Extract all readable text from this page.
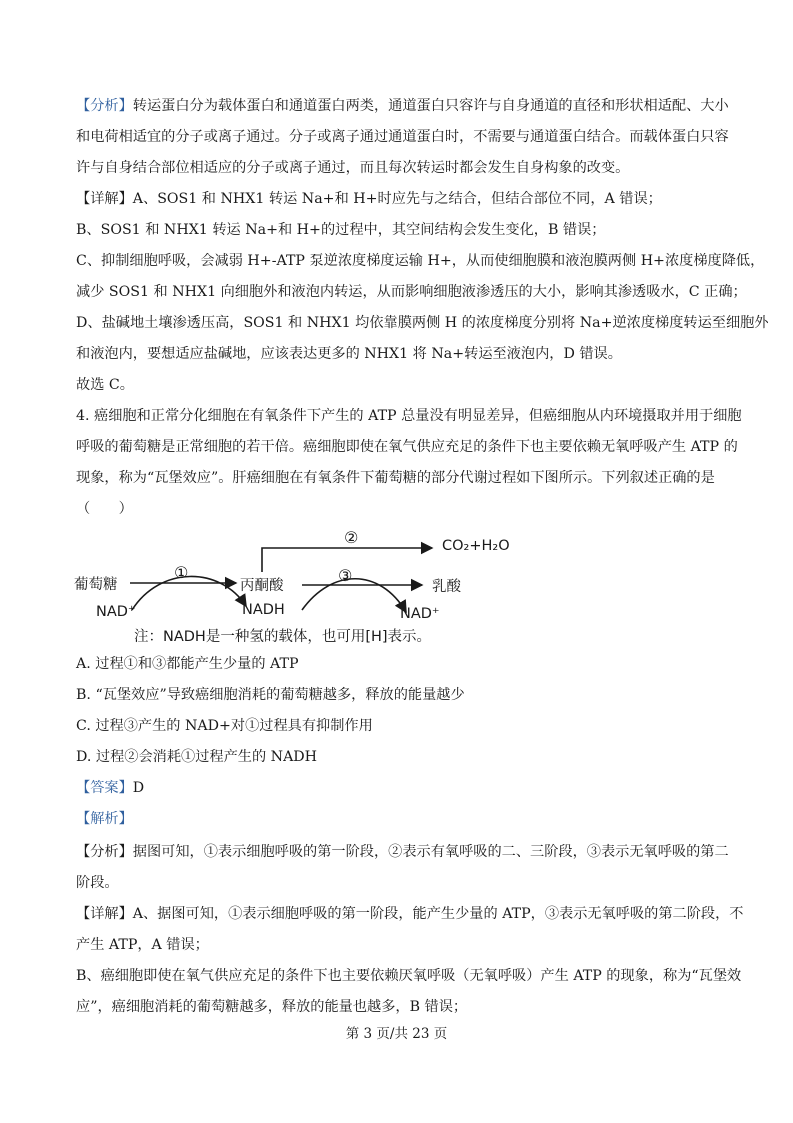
【分析】转运蛋白分为载体蛋白和通道蛋白两类，通道蛋白只容许与自身通道的直径和形状相适配、大小
和电荷相适宜的分子或离子通过。分子或离子通过通道蛋白时，不需要与通道蛋白结合。而载体蛋白只容
许与自身结合部位相适应的分子或离子通过，而且每次转运时都会发生自身构象的改变。
【详解】A、SOS1 和 NHX1 转运 Na+和 H+时应先与之结合，但结合部位不同，A 错误；
B、SOS1 和 NHX1 转运 Na+和 H+的过程中，其空间结构会发生变化，B 错误；
C、抑制细胞呼吸，会减弱 H+-ATP 泵逆浓度梯度运输 H+，从而使细胞膜和液泡膜两侧 H+浓度梯度降低，
减少 SOS1 和 NHX1 向细胞外和液泡内转运，从而影响细胞液渗透压的大小，影响其渗透吸水，C 正确；
D、盐碱地土壤渗透压高，SOS1 和 NHX1 均依靠膜两侧 H 的浓度梯度分别将 Na+逆浓度梯度转运至细胞外
和液泡内，要想适应盐碱地，应该表达更多的 NHX1 将 Na+转运至液泡内，D 错误。
故选 C。
4. 癌细胞和正常分化细胞在有氧条件下产生的 ATP 总量没有明显差异，但癌细胞从内环境摄取并用于细胞
呼吸的葡萄糖是正常细胞的若干倍。癌细胞即使在氧气供应充足的条件下也主要依赖无氧呼吸产生 ATP 的
现象，称为“瓦堡效应”。肝癌细胞在有氧条件下葡萄糖的部分代谢过程如下图所示。下列叙述正确的是
（　　）
葡萄糖	丙酮酸	乳酸
CO₂+H₂O
NAD⁺	NADH	NAD⁺
①
②
③
注：NADH是一种氢的载体，也可用[H]表示。
A. 过程①和③都能产生少量的 ATP
B. “瓦堡效应”导致癌细胞消耗的葡萄糖越多，释放的能量越少
C. 过程③产生的 NAD+对①过程具有抑制作用
D. 过程②会消耗①过程产生的 NADH
【答案】D
【解析】
【分析】据图可知，①表示细胞呼吸的第一阶段，②表示有氧呼吸的二、三阶段，③表示无氧呼吸的第二
阶段。
【详解】A、据图可知，①表示细胞呼吸的第一阶段，能产生少量的 ATP，③表示无氧呼吸的第二阶段，不
产生 ATP，A 错误；
B、癌细胞即使在氧气供应充足的条件下也主要依赖厌氧呼吸（无氧呼吸）产生 ATP 的现象，称为“瓦堡效
应”，癌细胞消耗的葡萄糖越多，释放的能量也越多，B 错误；
第 3 页/共 23 页
